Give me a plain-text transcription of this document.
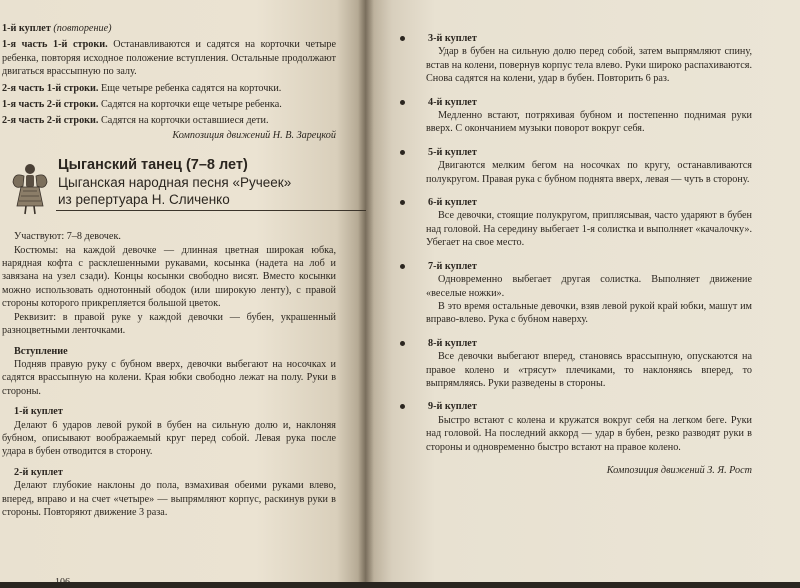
1-й куплет (повторение)

1-я часть 1-й строки. Останавливаются и садятся на корточки четыре ребенка, повторяя исходное положение вступления. Остальные продолжают двигаться врассыпную по залу.

2-я часть 1-й строки. Еще четыре ребенка садятся на корточки.

1-я часть 2-й строки. Садятся на корточки еще четыре ребенка.

2-я часть 2-й строки. Садятся на корточки оставшиеся дети.

Композиция движений Н. В. Зарецкой

Цыганский танец (7–8 лет)

Цыганская народная песня «Ручеек»

из репертуара Н. Сличенко

Участвуют: 7–8 девочек.

Костюмы: на каждой девочке — длинная цветная широкая юбка, нарядная кофта с расклешенными рукавами, косынка (надета на лоб и завязана на узел сзади). Концы косынки свободно висят. Вместо косынки можно использовать однотонный ободок (или широкую ленту), с правой стороны которого прикрепляется большой цветок.

Реквизит: в правой руке у каждой девочки — бубен, украшенный разноцветными ленточками.

Вступление

Подняв правую руку с бубном вверх, девочки выбегают на носочках и садятся врассыпную на колени. Края юбки свободно лежат на полу. Руки в стороны.

1-й куплет

Делают 6 ударов левой рукой в бубен на сильную долю и, наклоняя бубном, описывают воображаемый круг перед собой. Левая рука после удара в бубен отводится в сторону.

2-й куплет

Делают глубокие наклоны до пола, взмахивая обеими руками влево, вперед, вправо и на счет «четыре» — выпрямляют корпус, раскинув руки в стороны. Повторяют движение 3 раза.

106

3-й куплет

Удар в бубен на сильную долю перед собой, затем выпрямляют спину, встав на колени, повернув корпус тела влево. Руки широко распахиваются. Снова садятся на колени, удар в бубен. Повторить 6 раз.

4-й куплет

Медленно встают, потряхивая бубном и постепенно поднимая руки вверх. С окончанием музыки поворот вокруг себя.

5-й куплет

Двигаются мелким бегом на носочках по кругу, останавливаются полукругом. Правая рука с бубном поднята вверх, левая — чуть в сторону.

6-й куплет

Все девочки, стоящие полукругом, приплясывая, часто ударяют в бубен над головой. На середину выбегает 1-я солистка и выполняет «качалочку». Убегает на свое место.

7-й куплет

Одновременно выбегает другая солистка. Выполняет движение «веселые ножки».

В это время остальные девочки, взяв левой рукой край юбки, машут им вправо-влево. Рука с бубном наверху.

8-й куплет

Все девочки выбегают вперед, становясь врассыпную, опускаются на правое колено и «трясут» плечиками, то наклоняясь вперед, то выпрямляясь. Руки разведены в стороны.

9-й куплет

Быстро встают с колена и кружатся вокруг себя на легком беге. Руки над головой. На последний аккорд — удар в бубен, резко разводят руки в стороны и одновременно быстро встают на правое колено.

Композиция движений З. Я. Рост
